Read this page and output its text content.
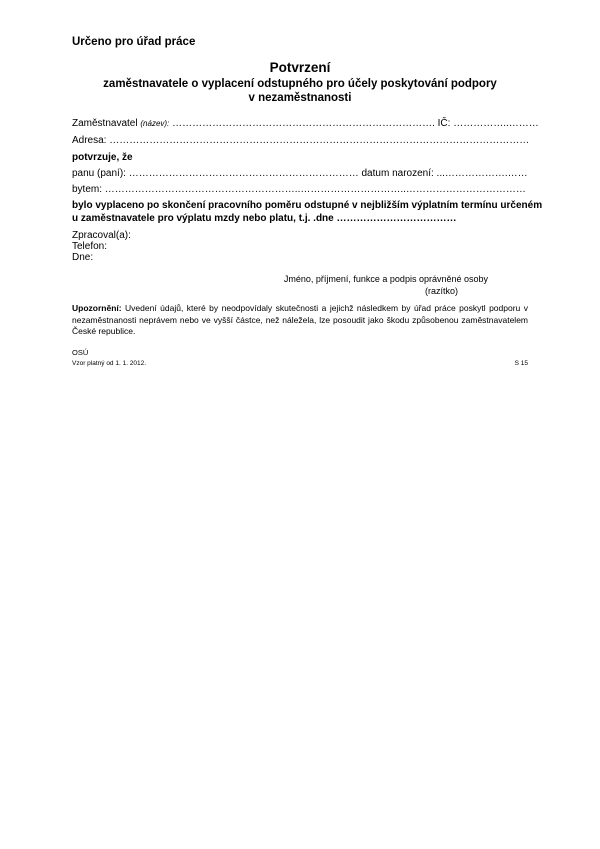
Určeno pro úřad práce
Potvrzení
zaměstnavatele o vyplacení odstupného pro účely poskytování podpory
v nezaměstnanosti
Zaměstnavatel (název): ……………………………………………………………………. IČ: ……………..………
Adresa: ………………………………………………………………………………………………………………
potvrzuje, že
panu (paní): …………………………………………………………… datum narození: ...……………….……
bytem: …………………………………………………..…………………………..………………………………
bylo vyplaceno po skončení pracovního poměru odstupné v nejbližším výplatním termínu určeném
u zaměstnavatele pro výplatu mzdy nebo platu, t.j. .dne ………………………………
Zpracoval(a):
Telefon:
Dne:
Jméno, příjmení, funkce a podpis oprávněné osoby
(razítko)
Upozornění: Uvedení údajů, které by neodpovídaly skutečnosti a jejichž následkem by úřad práce poskytl podporu v nezaměstnanosti neprávem nebo ve vyšší částce, než náležela, lze posoudit jako škodu způsobenou zaměstnavatelem České republice.
OSÚ
Vzor platný od 1. 1. 2012.	S 15
